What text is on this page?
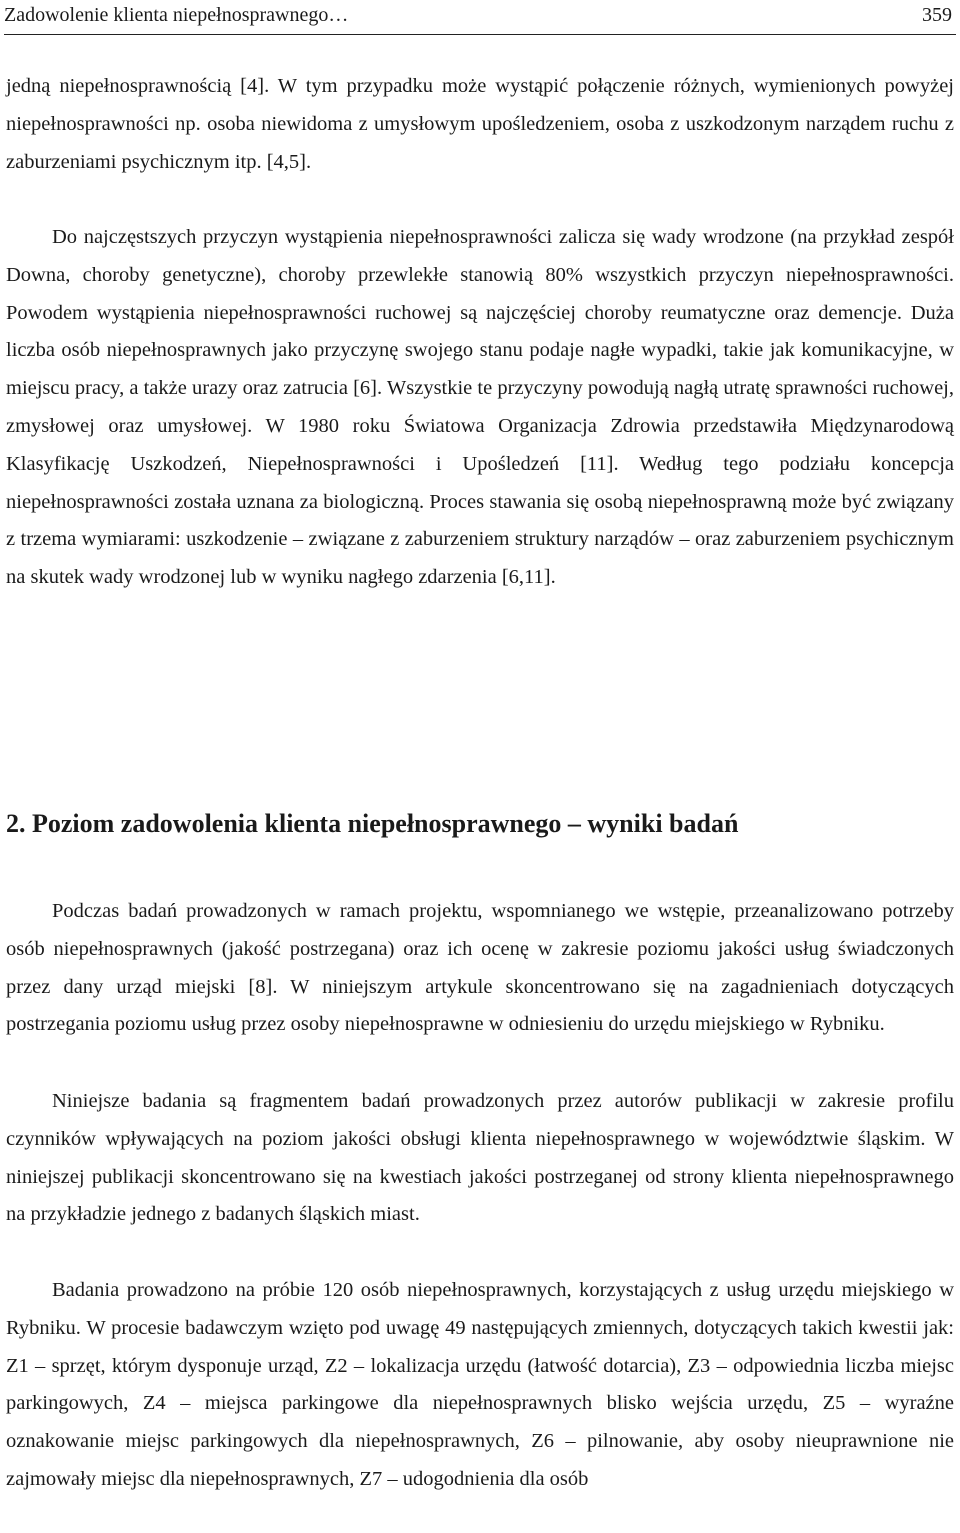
Zadowolenie klienta niepełnosprawnego…	359

jedną niepełnosprawnością [4]. W tym przypadku może wystąpić połączenie różnych, wymienionych powyżej niepełnosprawności np. osoba niewidoma z umysłowym upośledzeniem, osoba z uszkodzonym narządem ruchu z zaburzeniami psychicznym itp. [4,5].

Do najczęstszych przyczyn wystąpienia niepełnosprawności zalicza się wady wrodzone (na przykład zespół Downa, choroby genetyczne), choroby przewlekłe stanowią 80% wszystkich przyczyn niepełnosprawności. Powodem wystąpienia niepełnosprawności ruchowej są najczęściej choroby reumatyczne oraz demencje. Duża liczba osób niepełnosprawnych jako przyczynę swojego stanu podaje nagłe wypadki, takie jak komunikacyjne, w miejscu pracy, a także urazy oraz zatrucia [6]. Wszystkie te przyczyny powodują nagłą utratę sprawności ruchowej, zmysłowej oraz umysłowej. W 1980 roku Światowa Organizacja Zdrowia przedstawiła Międzynarodową Klasyfikację Uszkodzeń, Niepełnosprawności i Upośledzeń [11]. Według tego podziału koncepcja niepełnosprawności została uznana za biologiczną. Proces stawania się osobą niepełnosprawną może być związany z trzema wymiarami: uszkodzenie – związane z zaburzeniem struktury narządów – oraz zaburzeniem psychicznym na skutek wady wrodzonej lub w wyniku nagłego zdarzenia [6,11].

2. Poziom zadowolenia klienta niepełnosprawnego – wyniki badań

Podczas badań prowadzonych w ramach projektu, wspomnianego we wstępie, przeanalizowano potrzeby osób niepełnosprawnych (jakość postrzegana) oraz ich ocenę w zakresie poziomu jakości usług świadczonych przez dany urząd miejski [8]. W niniejszym artykule skoncentrowano się na zagadnieniach dotyczących postrzegania poziomu usług przez osoby niepełnosprawne w odniesieniu do urzędu miejskiego w Rybniku.

Niniejsze badania są fragmentem badań prowadzonych przez autorów publikacji w zakresie profilu czynników wpływających na poziom jakości obsługi klienta niepełnosprawnego w województwie śląskim. W niniejszej publikacji skoncentrowano się na kwestiach jakości postrzeganej od strony klienta niepełnosprawnego na przykładzie jednego z badanych śląskich miast.

Badania prowadzono na próbie 120 osób niepełnosprawnych, korzystających z usług urzędu miejskiego w Rybniku. W procesie badawczym wzięto pod uwagę 49 następujących zmiennych, dotyczących takich kwestii jak: Z1 – sprzęt, którym dysponuje urząd, Z2 – lokalizacja urzędu (łatwość dotarcia), Z3 – odpowiednia liczba miejsc parkingowych, Z4 – miejsca parkingowe dla niepełnosprawnych blisko wejścia urzędu, Z5 – wyraźne oznakowanie miejsc parkingowych dla niepełnosprawnych, Z6 – pilnowanie, aby osoby nieuprawnione nie zajmowały miejsc dla niepełnosprawnych, Z7 – udogodnienia dla osób
